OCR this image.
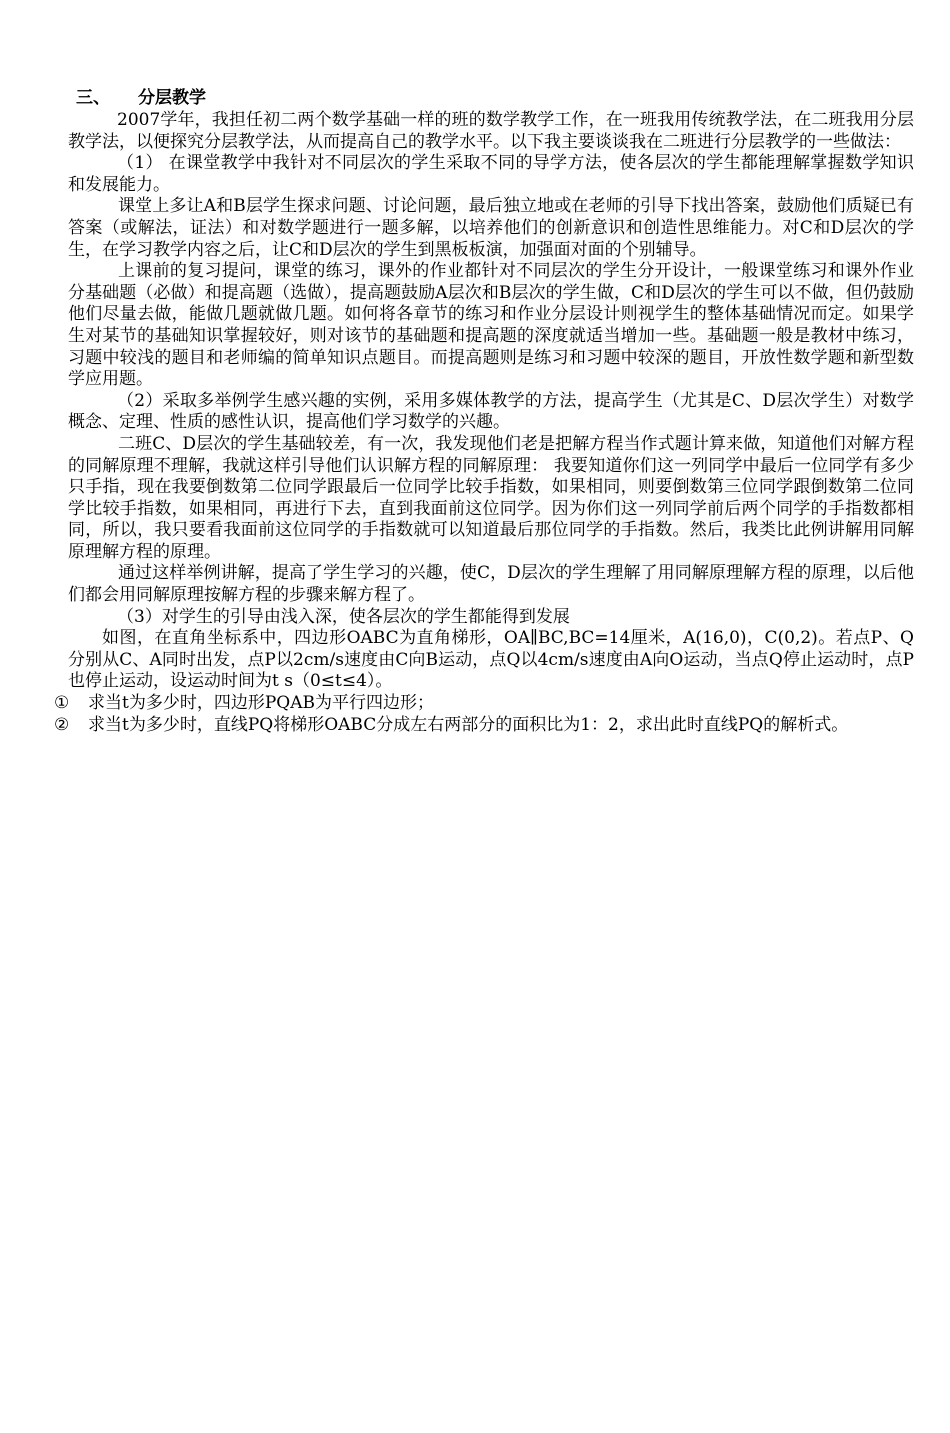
三、 分层教学

2007学年，我担任初二两个数学基础一样的班的数学教学工作，在一班我用传统教学法，在二班我用分层教学法，以便探究分层教学法，从而提高自己的教学水平。以下我主要谈谈我在二班进行分层教学的一些做法：

（1） 在课堂教学中我针对不同层次的学生采取不同的导学方法，使各层次的学生都能理解掌握数学知识和发展能力。

课堂上多让A和B层学生探求问题、讨论问题，最后独立地或在老师的引导下找出答案，鼓励他们质疑已有答案（或解法，证法）和对数学题进行一题多解，以培养他们的创新意识和创造性思维能力。对C和D层次的学生，在学习教学内容之后，让C和D层次的学生到黑板板演，加强面对面的个别辅导。

上课前的复习提问，课堂的练习，课外的作业都针对不同层次的学生分开设计，一般课堂练习和课外作业分基础题（必做）和提高题（选做），提高题鼓励A层次和B层次的学生做，C和D层次的学生可以不做，但仍鼓励他们尽量去做，能做几题就做几题。如何将各章节的练习和作业分层设计则视学生的整体基础情况而定。如果学生对某节的基础知识掌握较好，则对该节的基础题和提高题的深度就适当增加一些。基础题一般是教材中练习，习题中较浅的题目和老师编的简单知识点题目。而提高题则是练习和习题中较深的题目，开放性数学题和新型数学应用题。

（2）采取多举例学生感兴趣的实例，采用多媒体教学的方法，提高学生（尤其是C、D层次学生）对数学概念、定理、性质的感性认识，提高他们学习数学的兴趣。

二班C、D层次的学生基础较差，有一次，我发现他们老是把解方程当作式题计算来做，知道他们对解方程的同解原理不理解，我就这样引导他们认识解方程的同解原理： 我要知道你们这一列同学中最后一位同学有多少只手指，现在我要倒数第二位同学跟最后一位同学比较手指数，如果相同，则要倒数第三位同学跟倒数第二位同学比较手指数，如果相同，再进行下去，直到我面前这位同学。因为你们这一列同学前后两个同学的手指数都相同，所以，我只要看我面前这位同学的手指数就可以知道最后那位同学的手指数。然后，我类比此例讲解用同解原理解方程的原理。

通过这样举例讲解，提高了学生学习的兴趣，使C，D层次的学生理解了用同解原理解方程的原理，以后他们都会用同解原理按解方程的步骤来解方程了。

（3）对学生的引导由浅入深，使各层次的学生都能得到发展

如图，在直角坐标系中，四边形OABC为直角梯形，OA∥BC,BC=14厘米，A(16,0)，C(0,2)。若点P、Q分别从C、A同时出发，点P以2cm/s速度由C向B运动，点Q以4cm/s速度由A向O运动，当点Q停止运动时，点P也停止运动，设运动时间为t s（0≤t≤4）。

① 求当t为多少时，四边形PQAB为平行四边形；

② 求当t为多少时，直线PQ将梯形OABC分成左右两部分的面积比为1：2，求出此时直线PQ的解析式。
